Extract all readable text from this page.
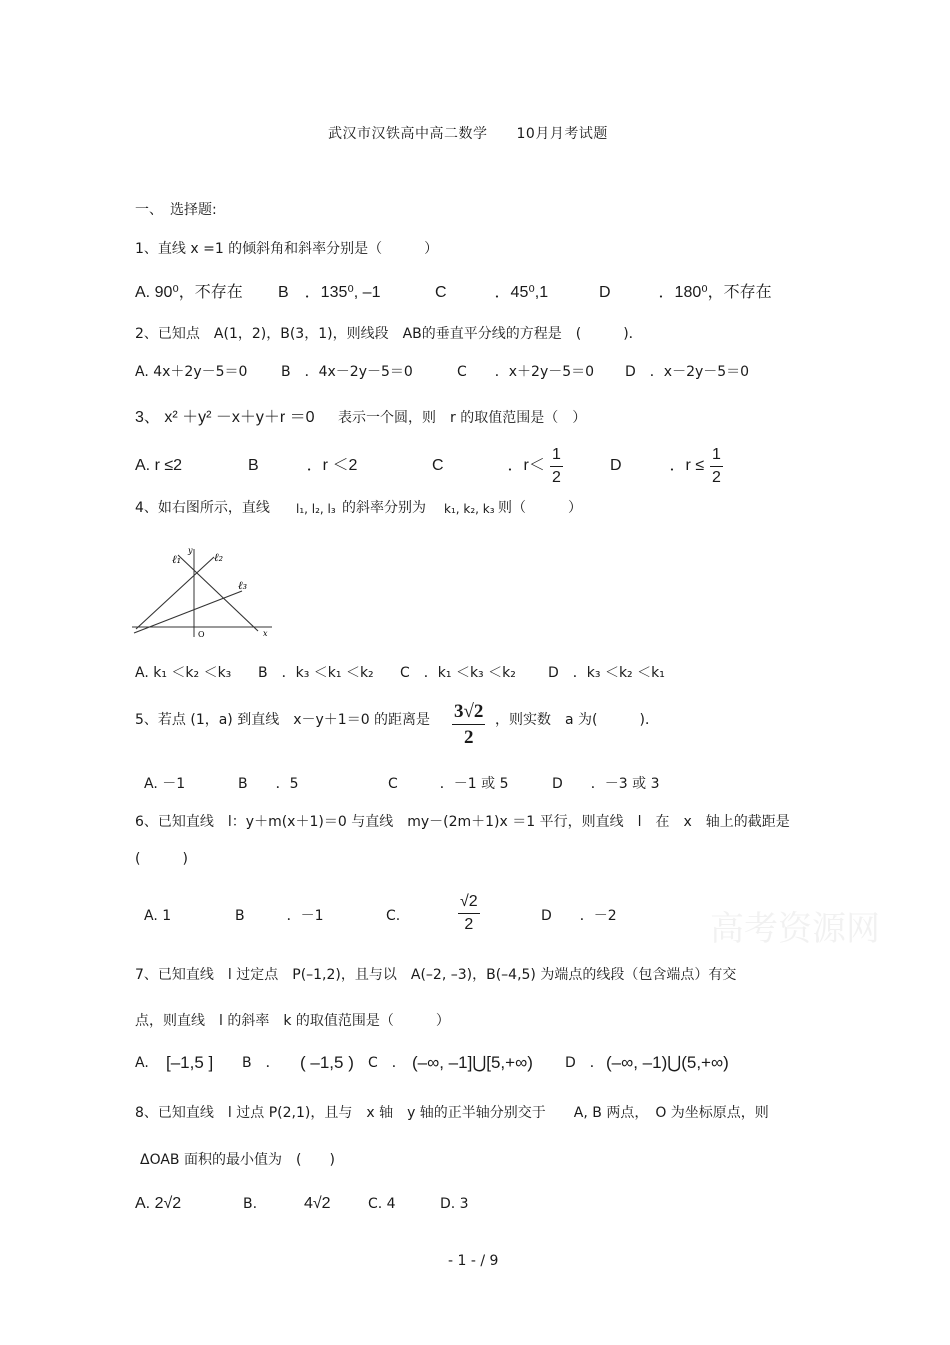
武汉市汉铁高中高二数学　　10月月考试题
一、　选择题:
1、直线 x =1 的倾斜角和斜率分别是（　　　）
A. 90⁰，不存在 B　．135⁰, –1	C　　　．45⁰,1	D　　　．180⁰，不存在
2、已知点　A(1，2)，B(3，1)，则线段　AB的垂直平分线的方程是　(　　　)．
A. 4x＋2y－5＝0 B　．4x－2y－5＝0	C　　．x＋2y－5＝0 D　．x－2y－5＝0
3、 x² ＋y² －x＋y＋r ＝0 表示一个圆，则　r 的取值范围是（　）
A. r ≤2	B　　　．r ＜2	C　　　　．r＜
1
2
D　　　．r ≤
1
2
4、如右图所示，直线 l₁, l₂, l₃ 的斜率分别为 k₁, k₂, k₃ 则（　　　）
ℓ₁	ℓ₂
ℓ₃
y
x
O
A. k₁ ＜k₂ ＜k₃ B　．k₃ ＜k₁ ＜k₂ C　．k₁ ＜k₃ ＜k₂ D　．k₃ ＜k₂ ＜k₁
5、若点 (1，a) 到直线　x－y＋1＝0 的距离是 3√2
2
，则实数　a 为(　　　)．
A. －1	B　　．5	C　　　．－1 或 5	D　　．－3 或 3
6、已知直线　l：y＋m(x＋1)＝0 与直线　my－(2m＋1)x ＝1 平行，则直线　l　在　x　轴上的截距是
(　　　)
A. 1	B　　　．－1	C.
√2
2	D　　．－2	高考资源网
7、已知直线　l 过定点　P(–1,2)，且与以　A(–2, –3)，B(–4,5) 为端点的线段（包含端点）有交
点，则直线　l 的斜率　k 的取值范围是（　　　）
A. [–1,5 ] B　． ( –1,5 ) C　． (–∞, –1]⋃[5,+∞) D　． (–∞, –1)⋃(5,+∞)
8、已知直线　l 过点 P(2,1)，且与　x 轴　y 轴的正半轴分别交于　　A, B 两点，　O 为坐标原点，则
ΔOAB 面积的最小值为　(　　)
A. 2√2	B.	4√2	C. 4	D. 3
- 1 - / 9
